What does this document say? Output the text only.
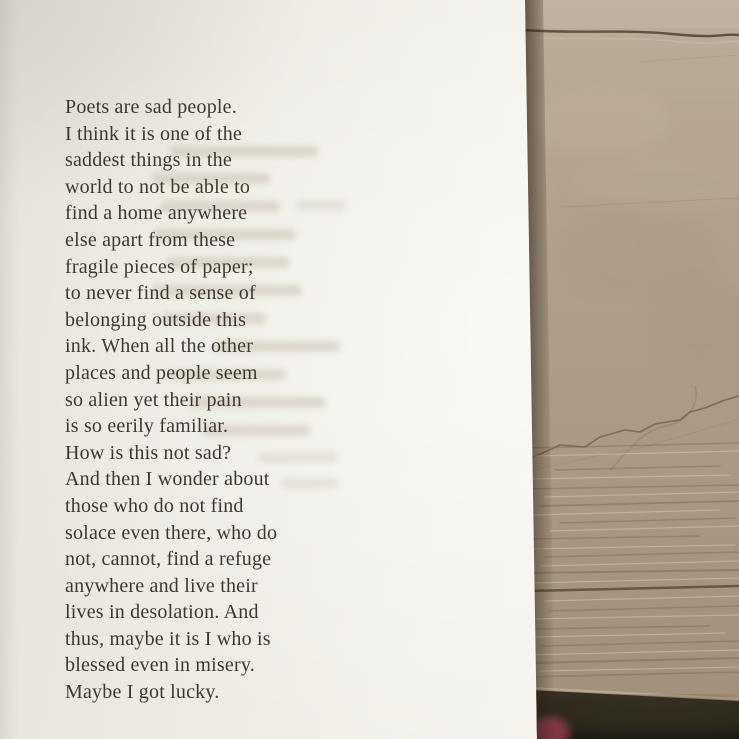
Poets are sad people.
I think it is one of the
saddest things in the
world to not be able to
find a home anywhere
else apart from these
fragile pieces of paper;
to never find a sense of
belonging outside this
ink. When all the other
places and people seem
so alien yet their pain
is so eerily familiar.
How is this not sad?
And then I wonder about
those who do not find
solace even there, who do
not, cannot, find a refuge
anywhere and live their
lives in desolation. And
thus, maybe it is I who is
blessed even in misery.
Maybe I got lucky.
